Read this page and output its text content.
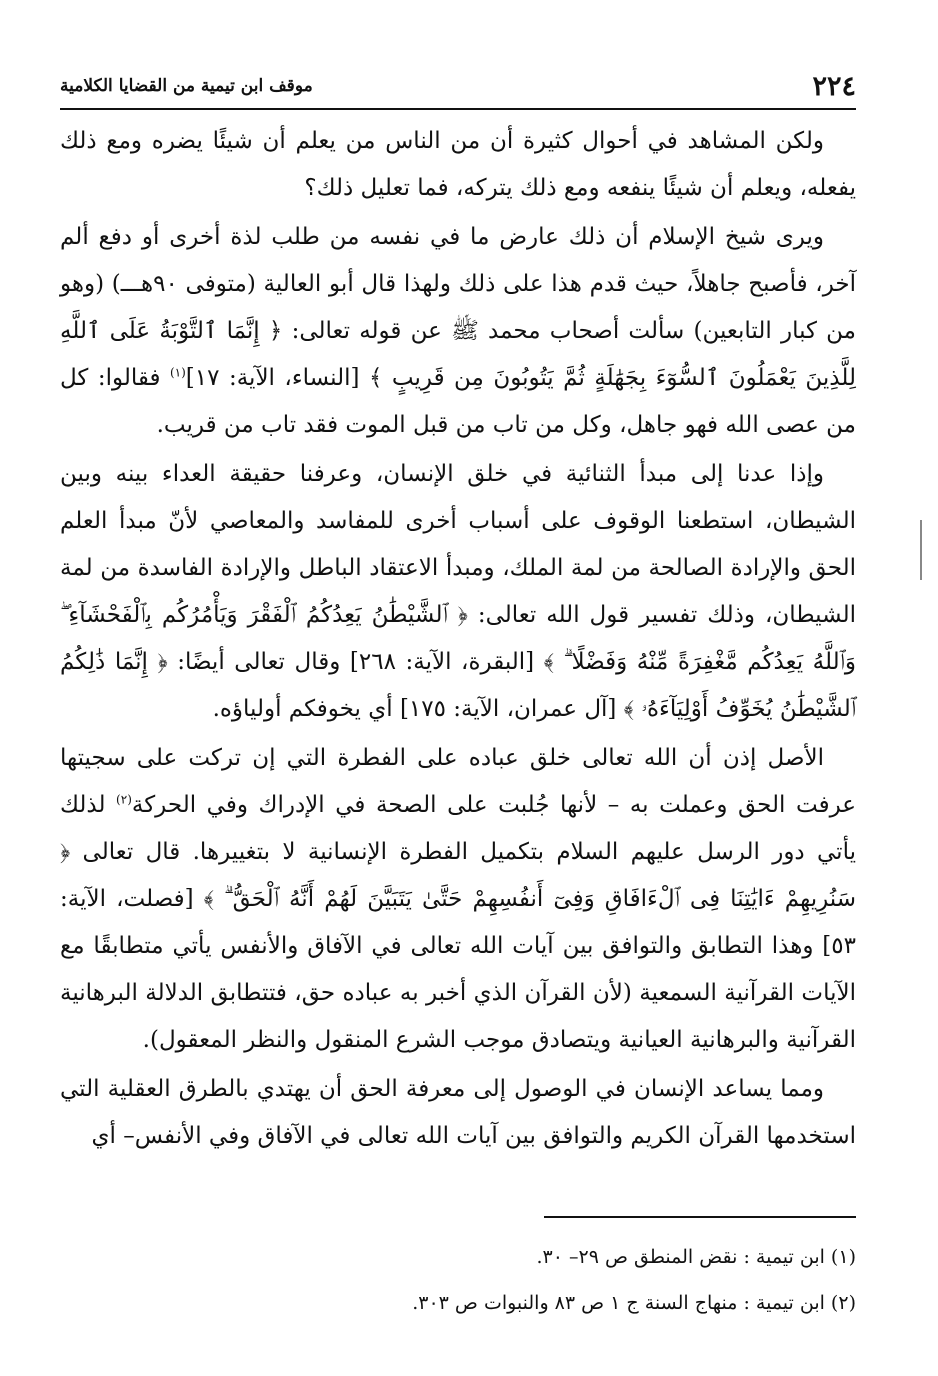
٢٢٤
موقف ابن تيمية من القضايا الكلامية

ولكن المشاهد في أحوال كثيرة أن من الناس من يعلم أن شيئًا يضره ومع ذلك يفعله، ويعلم أن شيئًا ينفعه ومع ذلك يتركه، فما تعليل ذلك؟

ويرى شيخ الإسلام أن ذلك عارض ما في نفسه من طلب لذة أخرى أو دفع ألم آخر، فأصبح جاهلاً، حيث قدم هذا على ذلك ولهذا قال أبو العالية (متوفى ٩٠هـــ) (وهو من كبار التابعين) سألت أصحاب محمد ﷺ عن قوله تعالى: ﴿ إِنَّمَا ٱلتَّوْبَةُ عَلَى ٱللَّهِ لِلَّذِينَ يَعْمَلُونَ ٱلسُّوٓءَ بِجَهَٰلَةٍ ثُمَّ يَتُوبُونَ مِن قَرِيبٍ ﴾ [النساء، الآية: ١٧]$^{(١)}$ فقالوا: كل من عصى الله فهو جاهل، وكل من تاب من قبل الموت فقد تاب من قريب.

وإذا عدنا إلى مبدأ الثنائية في خلق الإنسان، وعرفنا حقيقة العداء بينه وبين الشيطان، استطعنا الوقوف على أسباب أخرى للمفاسد والمعاصي لأنّ مبدأ العلم الحق والإرادة الصالحة من لمة الملك، ومبدأ الاعتقاد الباطل والإرادة الفاسدة من لمة الشيطان، وذلك تفسير قول الله تعالى: ﴿ ٱلشَّيْطَٰنُ يَعِدُكُمُ ٱلْفَقْرَ وَيَأْمُرُكُم بِٱلْفَحْشَآءِ ۖ وَٱللَّهُ يَعِدُكُم مَّغْفِرَةً مِّنْهُ وَفَضْلًا ۗ ﴾ [البقرة، الآية: ٢٦٨] وقال تعالى أيضًا: ﴿ إِنَّمَا ذَٰلِكُمُ ٱلشَّيْطَٰنُ يُخَوِّفُ أَوْلِيَآءَهُۥ ﴾ [آل عمران، الآية: ١٧٥] أي يخوفكم أولياؤه.

الأصل إذن أن الله تعالى خلق عباده على الفطرة التي إن تركت على سجيتها عرفت الحق وعملت به – لأنها جُلبت على الصحة في الإدراك وفي الحركة$^{(٢)}$ لذلك يأتي دور الرسل عليهم السلام بتكميل الفطرة الإنسانية لا بتغييرها. قال تعالى ﴿ سَنُرِيهِمْ ءَايَٰتِنَا فِى ٱلْءَافَاقِ وَفِىٓ أَنفُسِهِمْ حَتَّىٰ يَتَبَيَّنَ لَهُمْ أَنَّهُ ٱلْحَقُّ ۗ ﴾ [فصلت، الآية: ٥٣] وهذا التطابق والتوافق بين آيات الله تعالى في الآفاق والأنفس يأتي متطابقًا مع الآيات القرآنية السمعية (لأن القرآن الذي أخبر به عباده حق، فتتطابق الدلالة البرهانية القرآنية والبرهانية العيانية ويتصادق موجب الشرع المنقول والنظر المعقول).

ومما يساعد الإنسان في الوصول إلى معرفة الحق أن يهتدي بالطرق العقلية التي استخدمها القرآن الكريم والتوافق بين آيات الله تعالى في الآفاق وفي الأنفس– أي

(١) ابن تيمية : نقض المنطق ص ٢٩– ٣٠.

(٢) ابن تيمية : منهاج السنة ج ١ ص ٨٣ والنبوات ص ٣٠٣.
